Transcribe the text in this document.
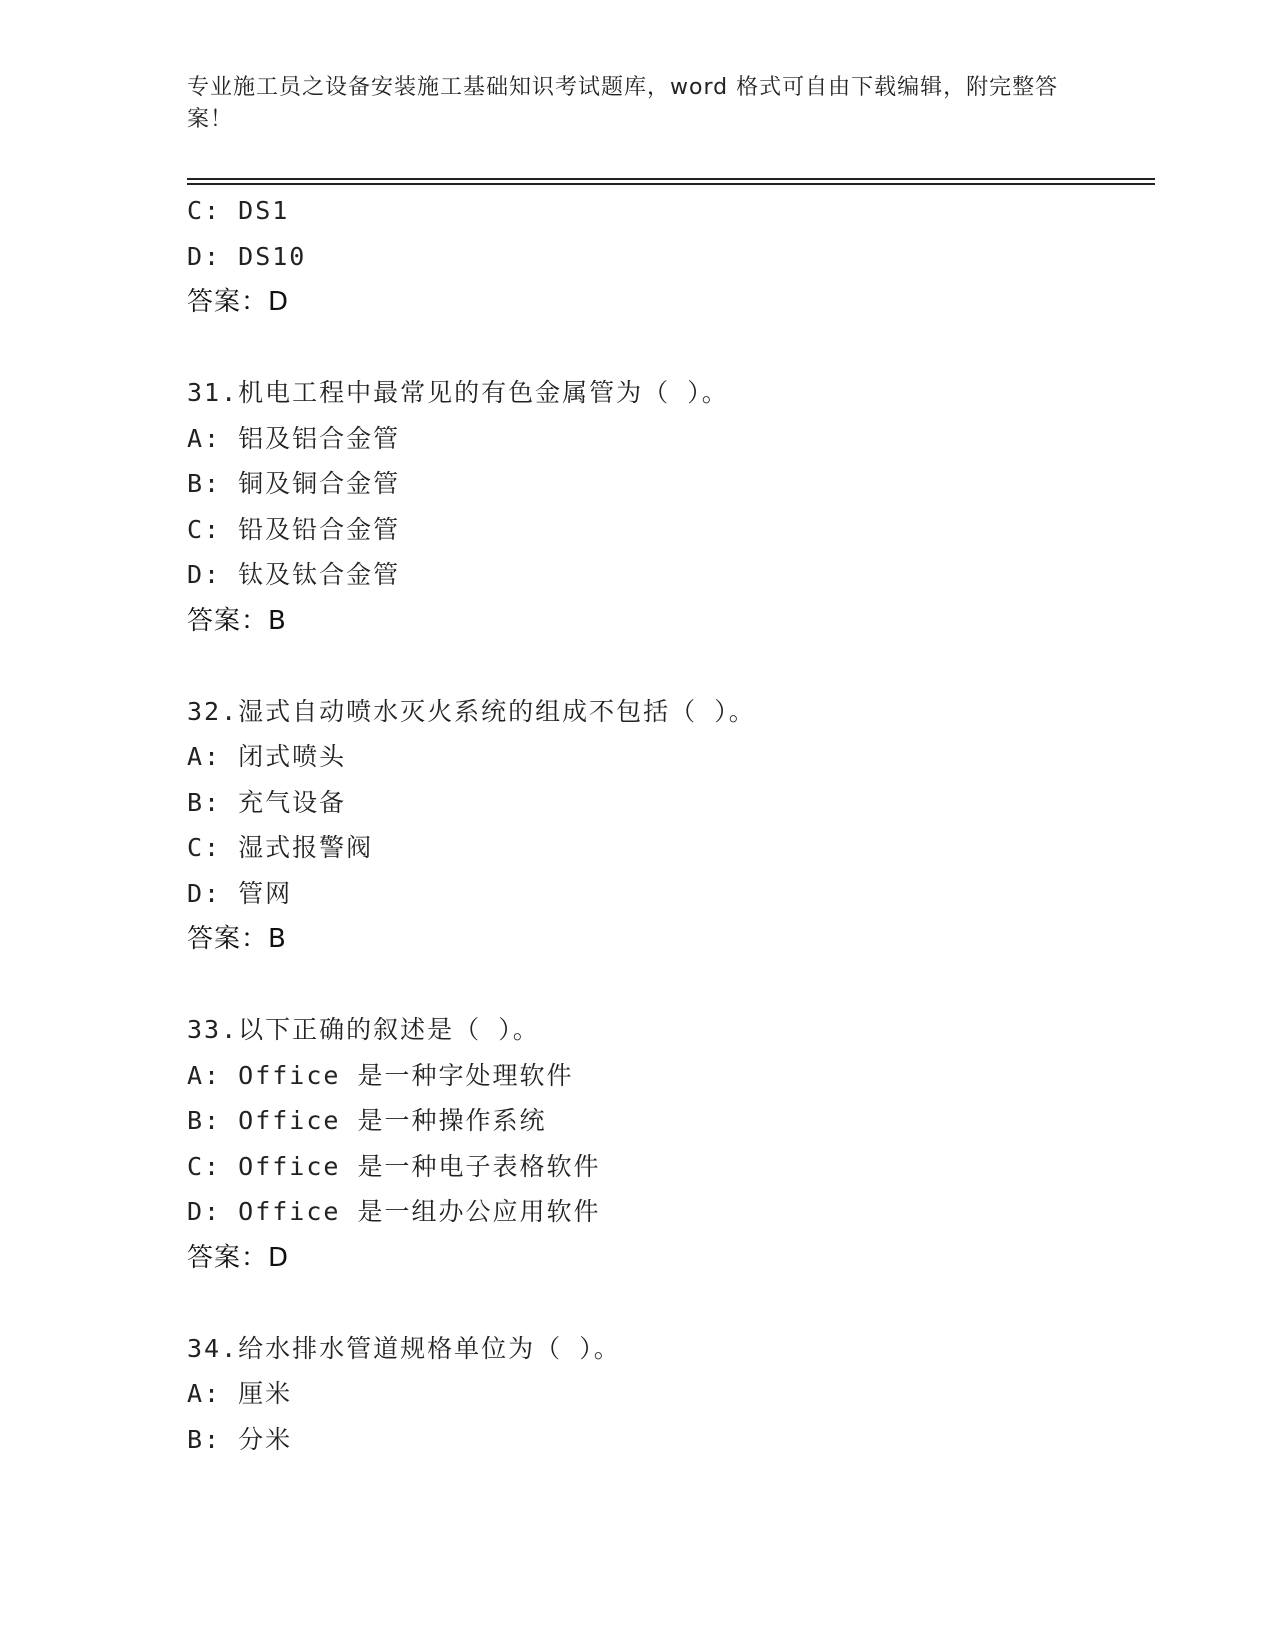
专业施工员之设备安装施工基础知识考试题库，word 格式可自由下载编辑，附完整答案！
C: DS1
D: DS10
答案：D
31.机电工程中最常见的有色金属管为（ ）。
A: 铝及铝合金管
B: 铜及铜合金管
C: 铅及铅合金管
D: 钛及钛合金管
答案：B
32.湿式自动喷水灭火系统的组成不包括（ ）。
A: 闭式喷头
B: 充气设备
C: 湿式报警阀
D: 管网
答案：B
33.以下正确的叙述是（ ）。
A: Office 是一种字处理软件
B: Office 是一种操作系统
C: Office 是一种电子表格软件
D: Office 是一组办公应用软件
答案：D
34.给水排水管道规格单位为（ ）。
A: 厘米
B: 分米
